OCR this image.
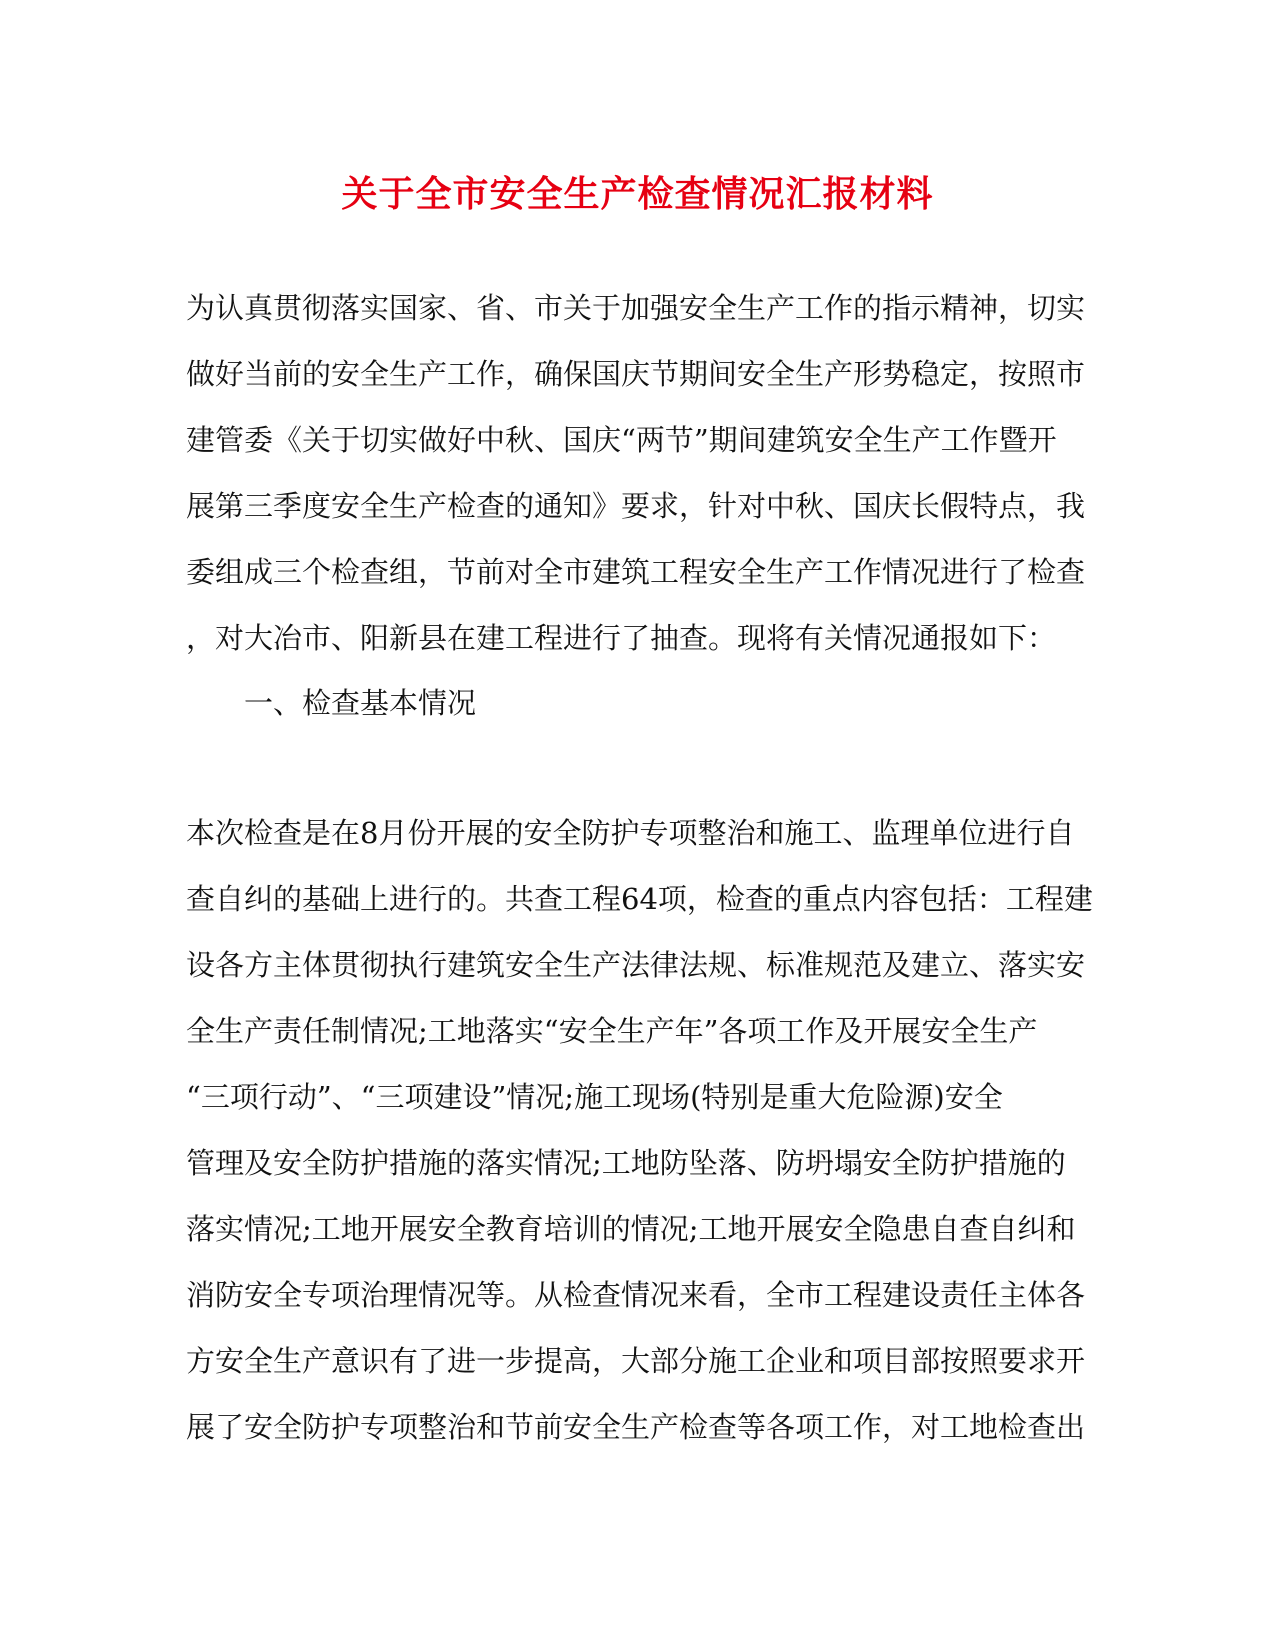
关于全市安全生产检查情况汇报材料
为认真贯彻落实国家、省、市关于加强安全生产工作的指示精神，切实
做好当前的安全生产工作，确保国庆节期间安全生产形势稳定，按照市
建管委《关于切实做好中秋、国庆“两节”期间建筑安全生产工作暨开
展第三季度安全生产检查的通知》要求，针对中秋、国庆长假特点，我
委组成三个检查组，节前对全市建筑工程安全生产工作情况进行了检查
，对大冶市、阳新县在建工程进行了抽查。现将有关情况通报如下：
一、检查基本情况
本次检查是在8月份开展的安全防护专项整治和施工、监理单位进行自
查自纠的基础上进行的。共查工程64项，检查的重点内容包括：工程建
设各方主体贯彻执行建筑安全生产法律法规、标准规范及建立、落实安
全生产责任制情况;工地落实“安全生产年”各项工作及开展安全生产
“三项行动”、“三项建设”情况;施工现场(特别是重大危险源)安全
管理及安全防护措施的落实情况;工地防坠落、防坍塌安全防护措施的
落实情况;工地开展安全教育培训的情况;工地开展安全隐患自查自纠和
消防安全专项治理情况等。从检查情况来看，全市工程建设责任主体各
方安全生产意识有了进一步提高，大部分施工企业和项目部按照要求开
展了安全防护专项整治和节前安全生产检查等各项工作，对工地检查出
